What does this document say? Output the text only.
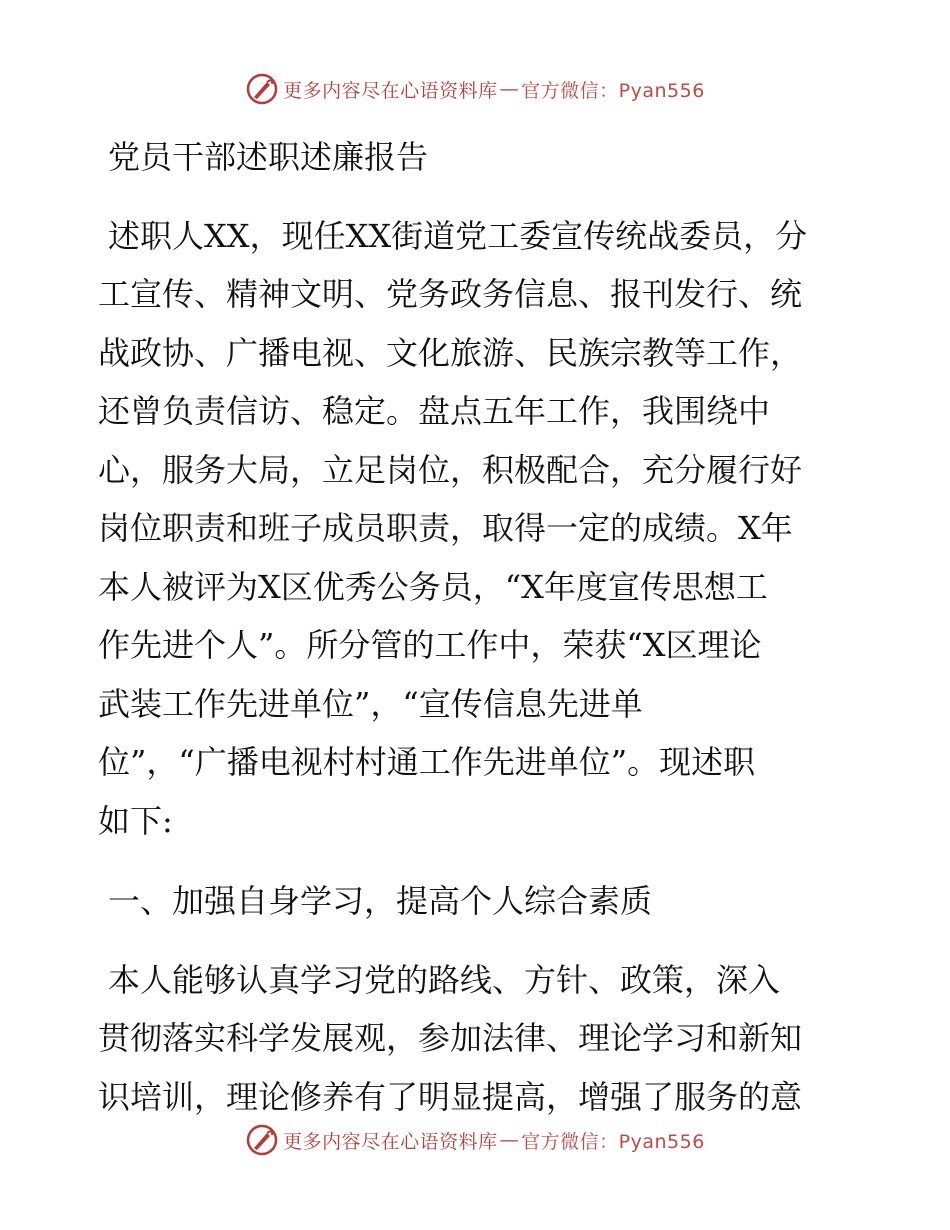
更多内容尽在心语资料库 — 官方微信：Pyan556

党员干部述职述廉报告

述职人XX，现任XX街道党工委宣传统战委员，分
工宣传、精神文明、党务政务信息、报刊发行、统
战政协、广播电视、文化旅游、民族宗教等工作，
还曾负责信访、稳定。盘点五年工作，我围绕中
心，服务大局，立足岗位，积极配合，充分履行好
岗位职责和班子成员职责，取得一定的成绩。X年
本人被评为X区优秀公务员，“X年度宣传思想工
作先进个人”。所分管的工作中，荣获“X区理论
武装工作先进单位”，“宣传信息先进单
位”，“广播电视村村通工作先进单位”。现述职
如下:

一、加强自身学习，提高个人综合素质

本人能够认真学习党的路线、方针、政策，深入
贯彻落实科学发展观，参加法律、理论学习和新知
识培训，理论修养有了明显提高，增强了服务的意

更多内容尽在心语资料库 — 官方微信：Pyan556
